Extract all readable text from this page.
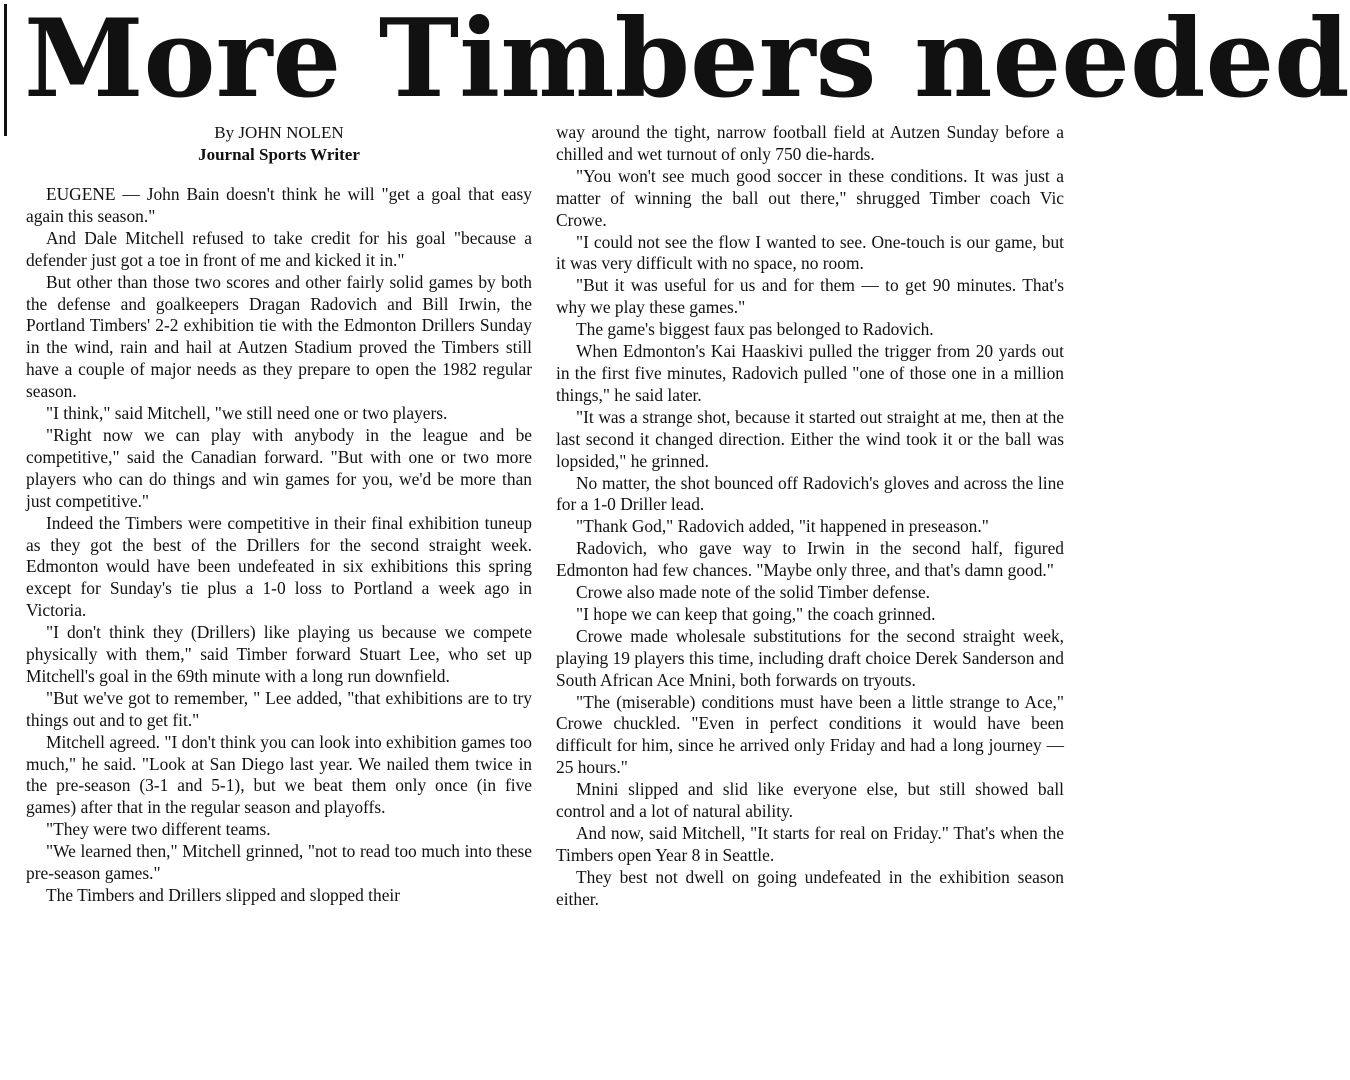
More Timbers needed

By JOHN NOLEN

Journal Sports Writer

EUGENE — John Bain doesn't think he will "get a goal that easy again this season."

And Dale Mitchell refused to take credit for his goal "because a defender just got a toe in front of me and kicked it in."

But other than those two scores and other fairly solid games by both the defense and goalkeepers Dragan Radovich and Bill Irwin, the Portland Timbers' 2-2 exhibition tie with the Edmonton Drillers Sunday in the wind, rain and hail at Autzen Stadium proved the Timbers still have a couple of major needs as they prepare to open the 1982 regular season.

"I think," said Mitchell, "we still need one or two players.

"Right now we can play with anybody in the league and be competitive," said the Canadian forward. "But with one or two more players who can do things and win games for you, we'd be more than just competitive."

Indeed the Timbers were competitive in their final exhibition tuneup as they got the best of the Drillers for the second straight week. Edmonton would have been undefeated in six exhibitions this spring except for Sunday's tie plus a 1-0 loss to Portland a week ago in Victoria.

"I don't think they (Drillers) like playing us because we compete physically with them," said Timber forward Stuart Lee, who set up Mitchell's goal in the 69th minute with a long run downfield.

"But we've got to remember, " Lee added, "that exhibitions are to try things out and to get fit."

Mitchell agreed. "I don't think you can look into exhibition games too much," he said. "Look at San Diego last year. We nailed them twice in the pre-season (3-1 and 5-1), but we beat them only once (in five games) after that in the regular season and playoffs.

"They were two different teams.

"We learned then," Mitchell grinned, "not to read too much into these pre-season games."

The Timbers and Drillers slipped and slopped their

way around the tight, narrow football field at Autzen Sunday before a chilled and wet turnout of only 750 die-hards.

"You won't see much good soccer in these conditions. It was just a matter of winning the ball out there," shrugged Timber coach Vic Crowe.

"I could not see the flow I wanted to see. One-touch is our game, but it was very difficult with no space, no room.

"But it was useful for us and for them — to get 90 minutes. That's why we play these games."

The game's biggest faux pas belonged to Radovich.

When Edmonton's Kai Haaskivi pulled the trigger from 20 yards out in the first five minutes, Radovich pulled "one of those one in a million things," he said later.

"It was a strange shot, because it started out straight at me, then at the last second it changed direction. Either the wind took it or the ball was lopsided," he grinned.

No matter, the shot bounced off Radovich's gloves and across the line for a 1-0 Driller lead.

"Thank God," Radovich added, "it happened in preseason."

Radovich, who gave way to Irwin in the second half, figured Edmonton had few chances. "Maybe only three, and that's damn good."

Crowe also made note of the solid Timber defense.

"I hope we can keep that going," the coach grinned.

Crowe made wholesale substitutions for the second straight week, playing 19 players this time, including draft choice Derek Sanderson and South African Ace Mnini, both forwards on tryouts.

"The (miserable) conditions must have been a little strange to Ace," Crowe chuckled. "Even in perfect conditions it would have been difficult for him, since he arrived only Friday and had a long journey — 25 hours."

Mnini slipped and slid like everyone else, but still showed ball control and a lot of natural ability.

And now, said Mitchell, "It starts for real on Friday." That's when the Timbers open Year 8 in Seattle.

They best not dwell on going undefeated in the exhibition season either.
